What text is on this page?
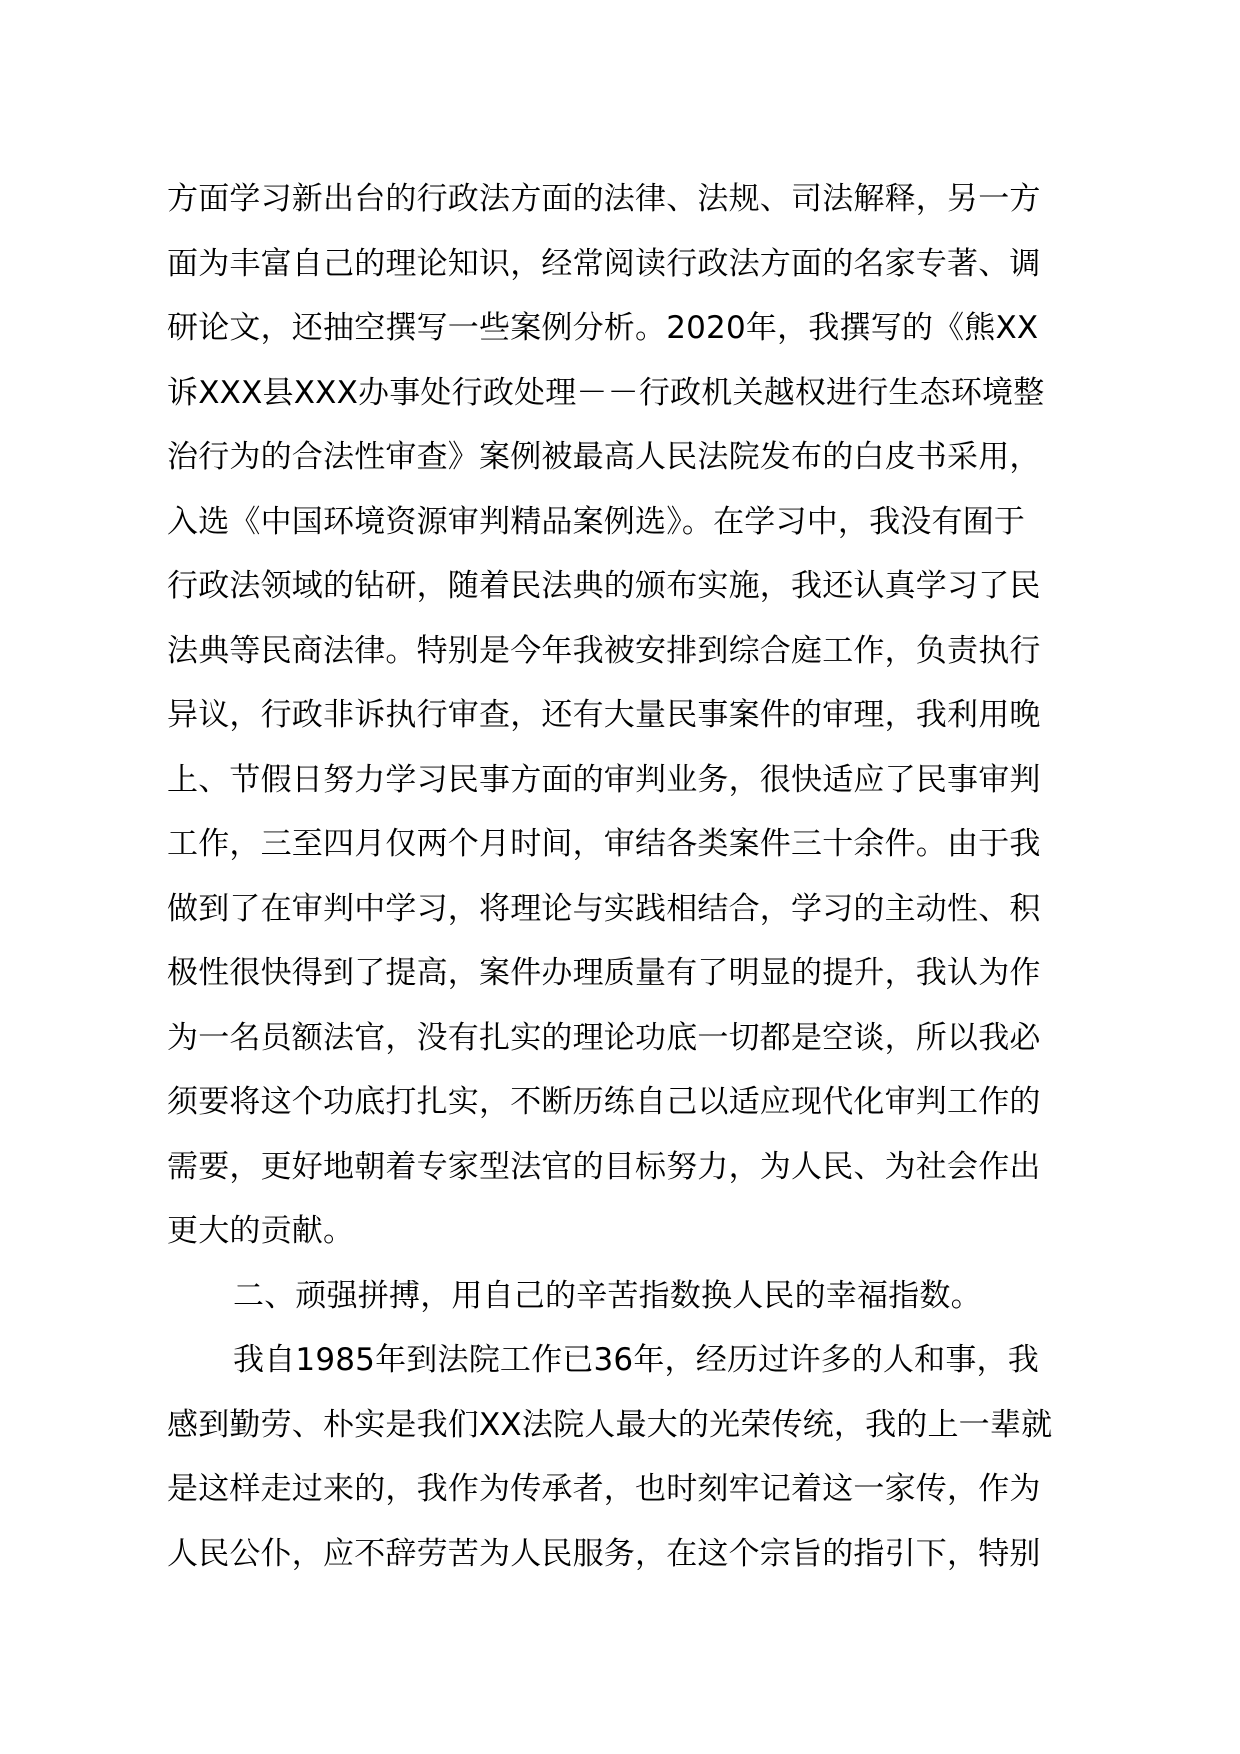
方面学习新出台的行政法方面的法律、法规、司法解释，另一方
面为丰富自己的理论知识，经常阅读行政法方面的名家专著、调
研论文，还抽空撰写一些案例分析。2020年，我撰写的《熊XX
诉XXX县XXX办事处行政处理－－行政机关越权进行生态环境整
治行为的合法性审查》案例被最高人民法院发布的白皮书采用，
入选《中国环境资源审判精品案例选》。在学习中，我没有囿于
行政法领域的钻研，随着民法典的颁布实施，我还认真学习了民
法典等民商法律。特别是今年我被安排到综合庭工作，负责执行
异议，行政非诉执行审查，还有大量民事案件的审理，我利用晚
上、节假日努力学习民事方面的审判业务，很快适应了民事审判
工作，三至四月仅两个月时间，审结各类案件三十余件。由于我
做到了在审判中学习，将理论与实践相结合，学习的主动性、积
极性很快得到了提高，案件办理质量有了明显的提升，我认为作
为一名员额法官，没有扎实的理论功底一切都是空谈，所以我必
须要将这个功底打扎实，不断历练自己以适应现代化审判工作的
需要，更好地朝着专家型法官的目标努力，为人民、为社会作出
更大的贡献。
二、顽强拼搏，用自己的辛苦指数换人民的幸福指数。
我自1985年到法院工作已36年，经历过许多的人和事，我
感到勤劳、朴实是我们XX法院人最大的光荣传统，我的上一辈就
是这样走过来的，我作为传承者，也时刻牢记着这一家传，作为
人民公仆，应不辞劳苦为人民服务，在这个宗旨的指引下，特别
